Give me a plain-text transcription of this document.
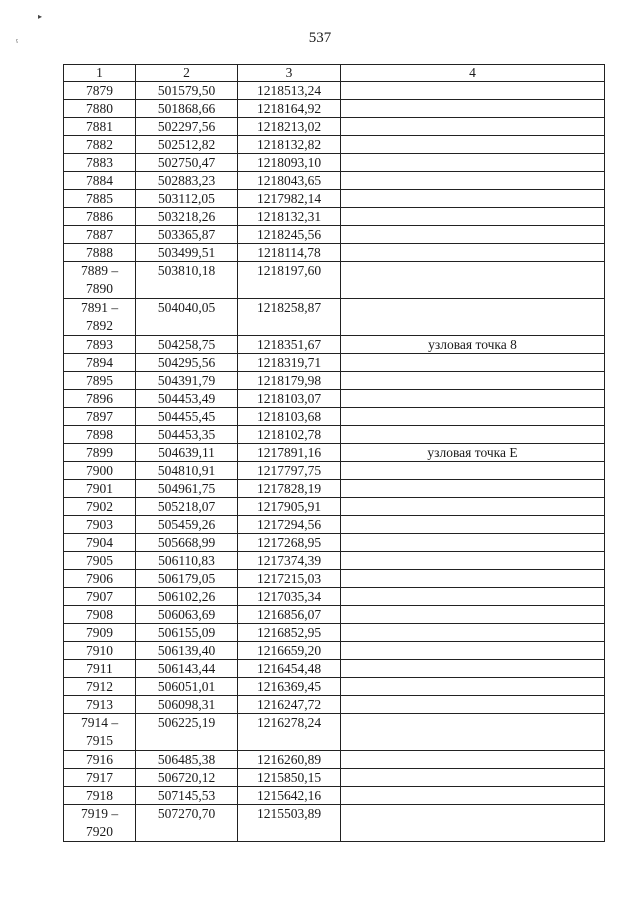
▸
ˁ	537
1	2	3	4
7879	501579,50	1218513,24	
7880	501868,66	1218164,92	
7881	502297,56	1218213,02	
7882	502512,82	1218132,82	
7883	502750,47	1218093,10	
7884	502883,23	1218043,65	
7885	503112,05	1217982,14	
7886	503218,26	1218132,31	
7887	503365,87	1218245,56	
7888	503499,51	1218114,78	
7889 – 7890	503810,18	1218197,60	
7891 – 7892	504040,05	1218258,87	
7893	504258,75	1218351,67	узловая точка 8
7894	504295,56	1218319,71	
7895	504391,79	1218179,98	
7896	504453,49	1218103,07	
7897	504455,45	1218103,68	
7898	504453,35	1218102,78	
7899	504639,11	1217891,16	узловая точка Е
7900	504810,91	1217797,75	
7901	504961,75	1217828,19	
7902	505218,07	1217905,91	
7903	505459,26	1217294,56	
7904	505668,99	1217268,95	
7905	506110,83	1217374,39	
7906	506179,05	1217215,03	
7907	506102,26	1217035,34	
7908	506063,69	1216856,07	
7909	506155,09	1216852,95	
7910	506139,40	1216659,20	
7911	506143,44	1216454,48	
7912	506051,01	1216369,45	
7913	506098,31	1216247,72	
7914 – 7915	506225,19	1216278,24	
7916	506485,38	1216260,89	
7917	506720,12	1215850,15	
7918	507145,53	1215642,16	
7919 – 7920	507270,70	1215503,89	
